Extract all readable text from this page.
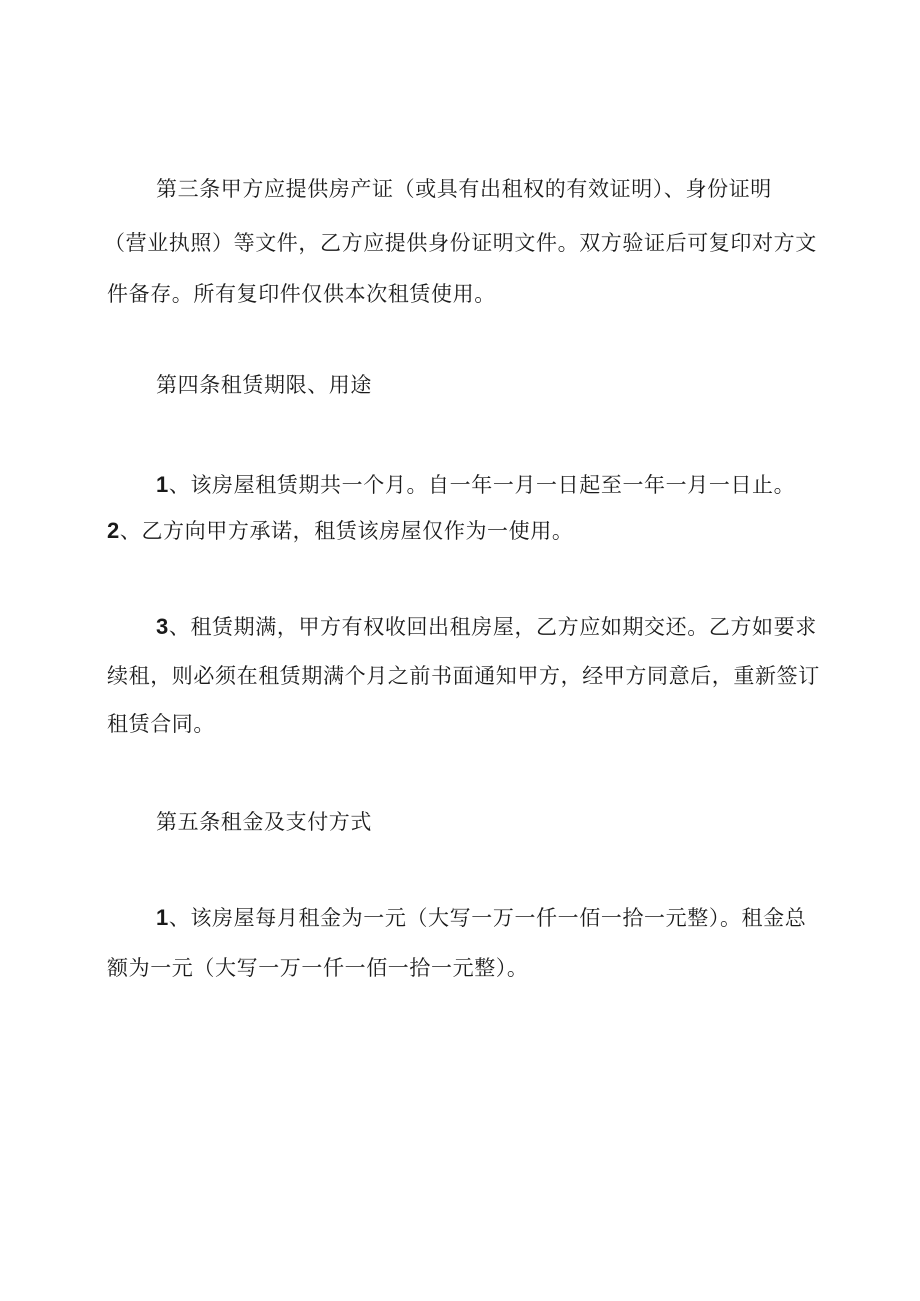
第三条甲方应提供房产证（或具有出租权的有效证明）、身份证明
（营业执照）等文件，乙方应提供身份证明文件。双方验证后可复印对方文
件备存。所有复印件仅供本次租赁使用。
第四条租赁期限、用途
1、该房屋租赁期共一个月。自一年一月一日起至一年一月一日止。
2、乙方向甲方承诺，租赁该房屋仅作为一使用。
3、租赁期满，甲方有权收回出租房屋，乙方应如期交还。乙方如要求
续租，则必须在租赁期满个月之前书面通知甲方，经甲方同意后，重新签订
租赁合同。
第五条租金及支付方式
1、该房屋每月租金为一元（大写一万一仟一佰一拾一元整）。租金总
额为一元（大写一万一仟一佰一拾一元整）。
